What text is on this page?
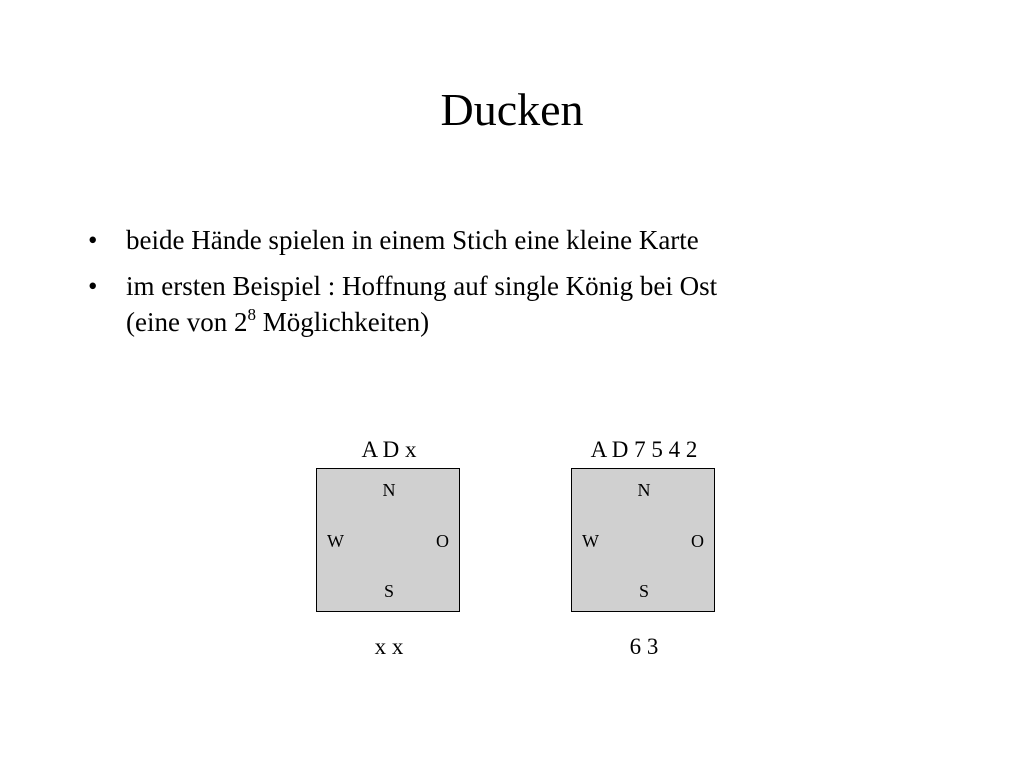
Ducken
• beide Hände spielen in einem Stich eine kleine Karte
• im ersten Beispiel : Hoffnung auf single König bei Ost
(eine von $2^8$ Möglichkeiten)
A D x
N
W	O
S
x x
A D 7 5 4 2
N
W	O
S
6 3
